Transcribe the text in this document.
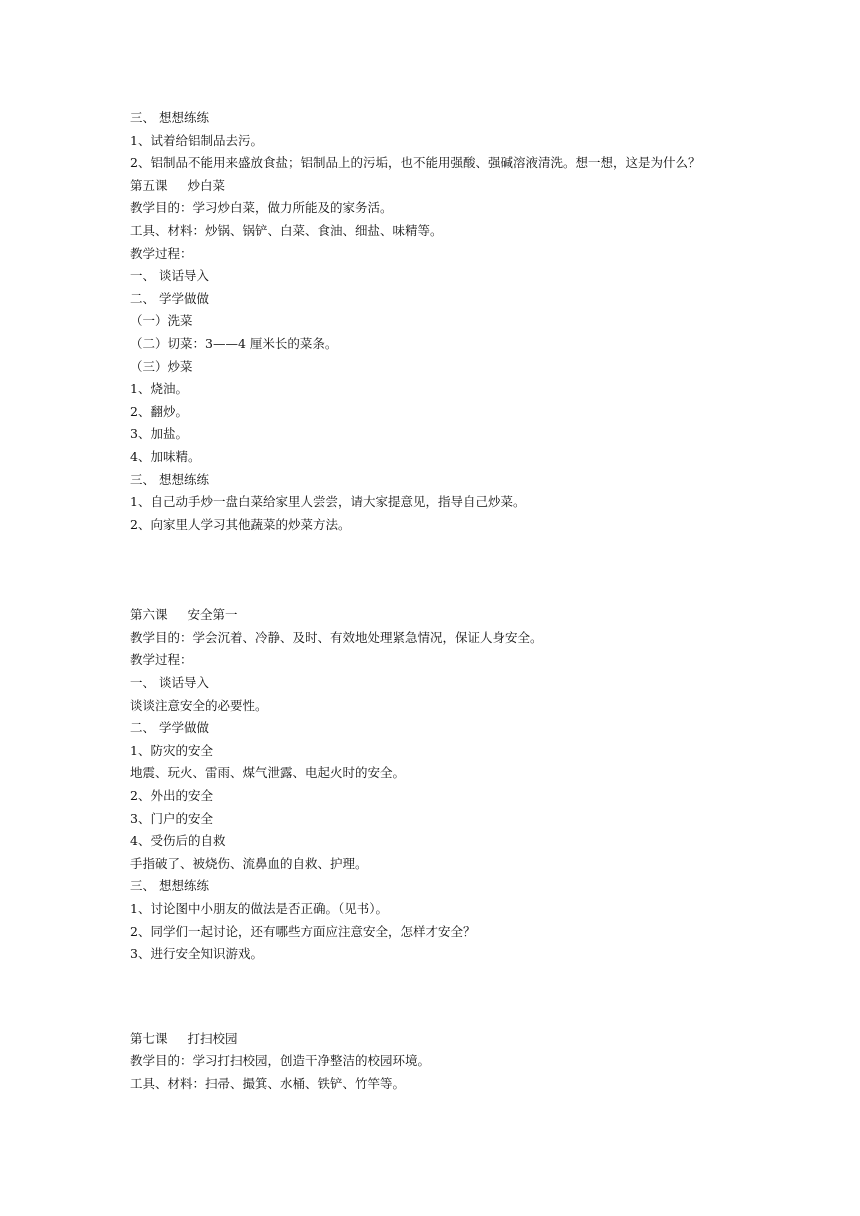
三、 想想练练
1、试着给铝制品去污。
2、铝制品不能用来盛放食盐；铝制品上的污垢，也不能用强酸、强碱溶液清洗。想一想，这是为什么？
第五课 炒白菜
教学目的：学习炒白菜，做力所能及的家务活。
工具、材料：炒锅、锅铲、白菜、食油、细盐、味精等。
教学过程：
一、 谈话导入
二、 学学做做
（一）洗菜
（二）切菜：3——4 厘米长的菜条。
（三）炒菜
1、烧油。
2、翻炒。
3、加盐。
4、加味精。
三、 想想练练
1、自己动手炒一盘白菜给家里人尝尝，请大家提意见，指导自己炒菜。
2、向家里人学习其他蔬菜的炒菜方法。
第六课 安全第一
教学目的：学会沉着、冷静、及时、有效地处理紧急情况，保证人身安全。
教学过程：
一、 谈话导入
谈谈注意安全的必要性。
二、 学学做做
1、防灾的安全
地震、玩火、雷雨、煤气泄露、电起火时的安全。
2、外出的安全
3、门户的安全
4、受伤后的自救
手指破了、被烧伤、流鼻血的自救、护理。
三、 想想练练
1、讨论图中小朋友的做法是否正确。（见书）。
2、同学们一起讨论，还有哪些方面应注意安全，怎样才安全？
3、进行安全知识游戏。
第七课 打扫校园
教学目的：学习打扫校园，创造干净整洁的校园环境。
工具、材料：扫帚、撮箕、水桶、铁铲、竹竿等。
